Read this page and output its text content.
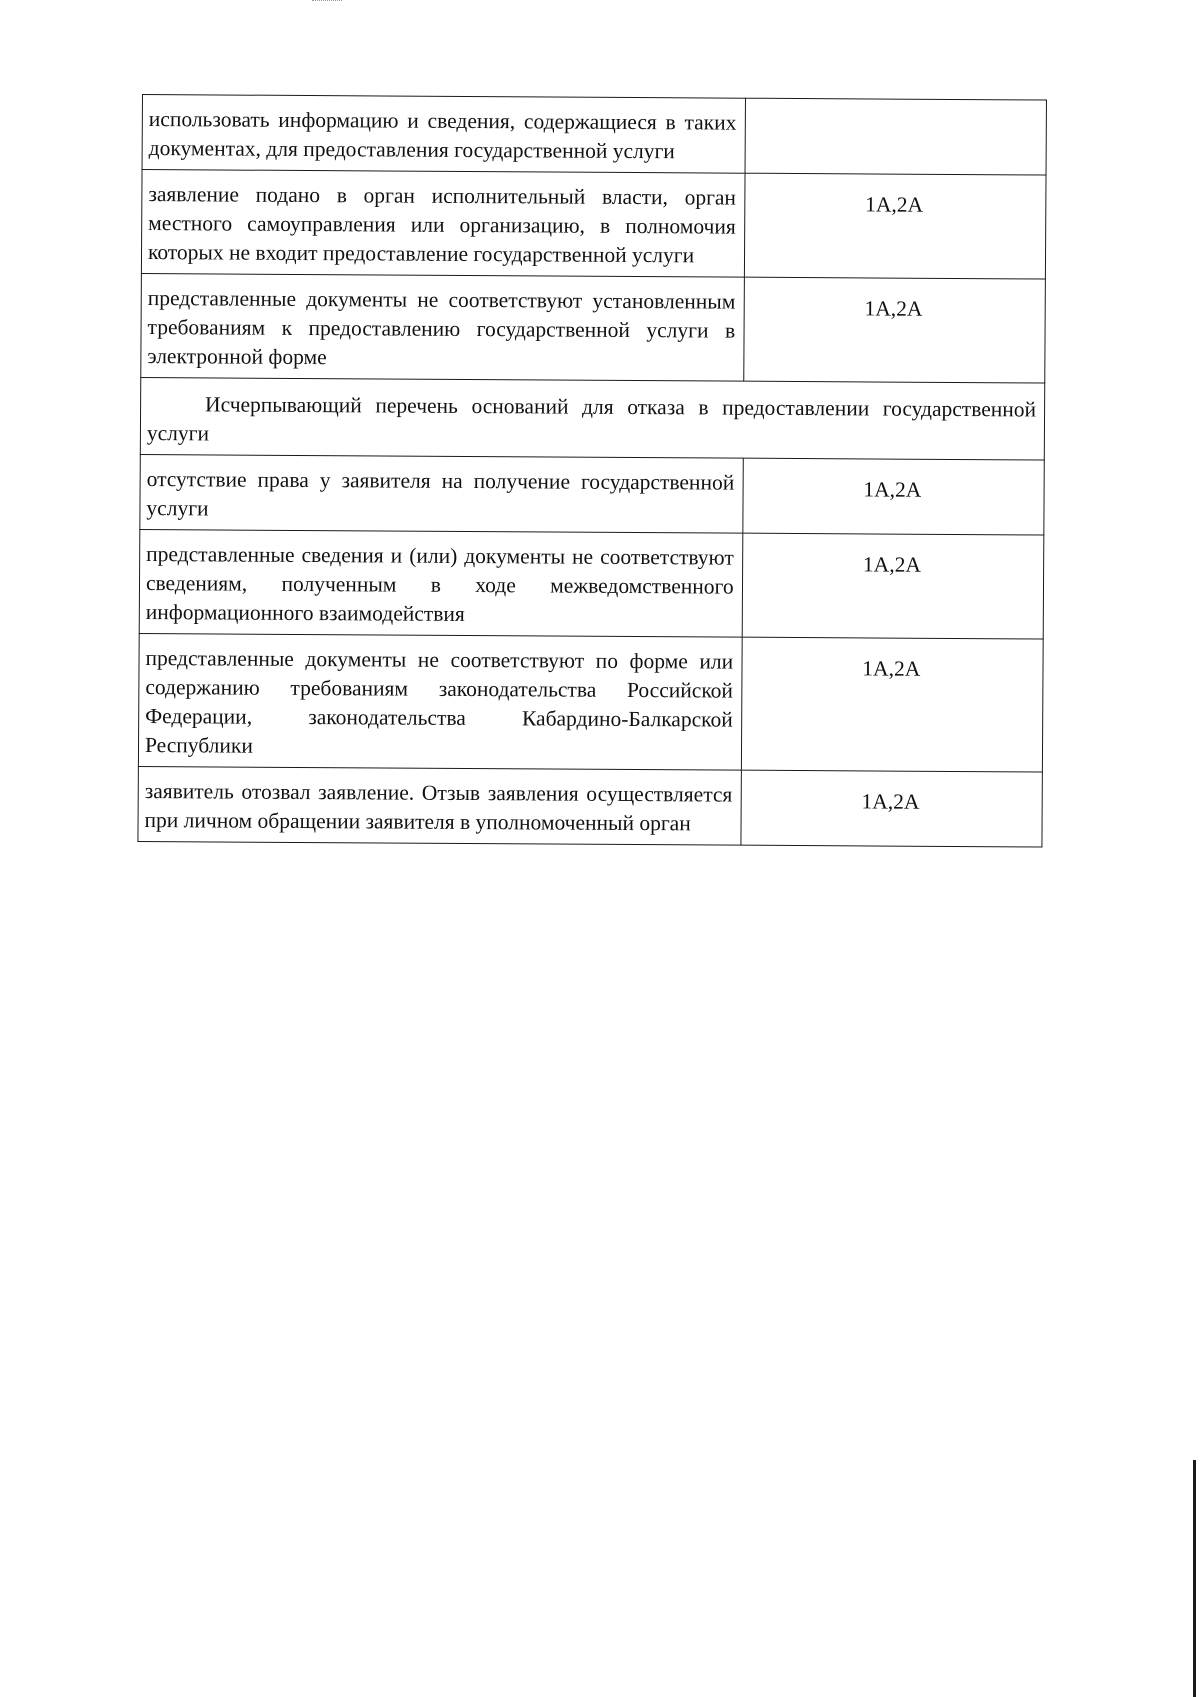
использовать информацию и сведения, содержащиеся в таких документах, для предоставления государственной услуги	
заявление подано в орган исполнительный власти, орган местного самоуправления или организацию, в полномочия которых не входит предоставление государственной услуги	1А,2А
представленные документы не соответствуют установленным требованиям к предоставлению государственной услуги в электронной форме	1А,2А
Исчерпывающий перечень оснований для отказа в предоставлении государственной услуги	
отсутствие права у заявителя на получение государственной услуги	1А,2А
представленные сведения и (или) документы не соответствуют сведениям, полученным в ходе межведомственного информационного взаимодействия	1А,2А
представленные документы не соответствуют по форме или содержанию требованиям законодательства Российской Федерации, законодательства Кабардино-Балкарской Республики	1А,2А
заявитель отозвал заявление. Отзыв заявления осуществляется при личном обращении заявителя в уполномоченный орган	1А,2А
